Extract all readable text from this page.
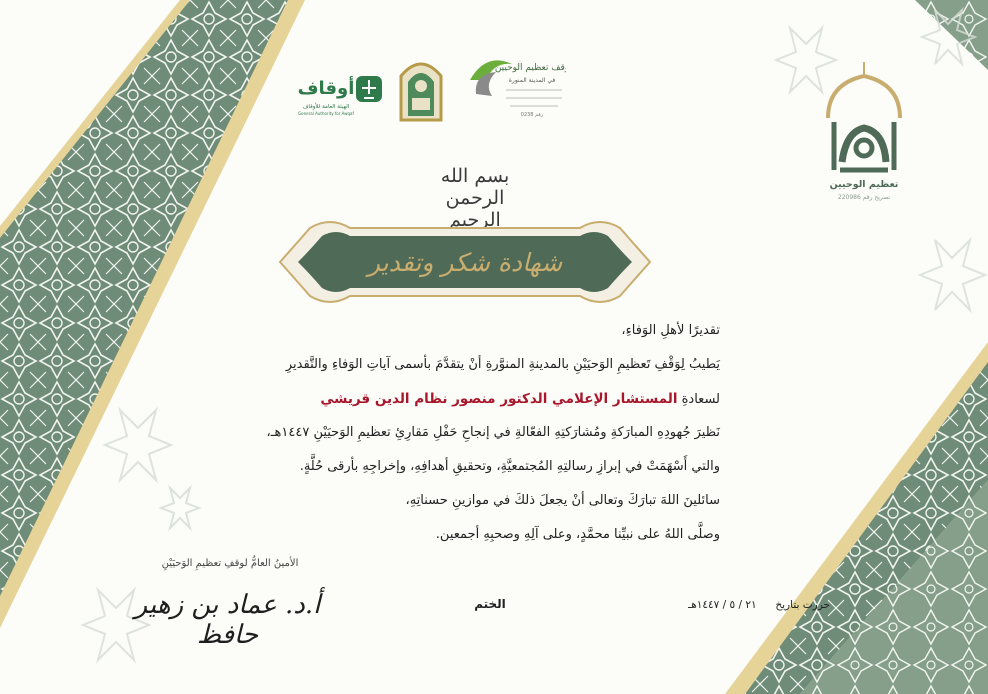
أوقاف
الهيئة العامة للأوقاف
General Authority for Awqaf
وقف تعظيم الوحيين
في المدينة المنورة
رقم 0238
تعظيم الوحيين
تصريح رقم 220986
مقرأة
بسم الله الرحمن الرحيم
شهادة شكر وتقدير
تقديرًا لأهلِ الوَفاءِ،
يَطيبُ لِوَقْفِ تَعظيمِ الوَحيَيْنِ بالمدينةِ المنوَّرةِ أنْ يتقدَّمَ بأسمى آياتِ الوَفاءِ والتَّقديرِ
لسعادةِ المستشار الإعلامي الدكتور منصور نظام الدين قريشي
نَظيرَ جُهودِهِ المبارَكةِ ومُشارَكتِهِ الفعّالةِ في إنجاحِ حَفْلِ مَقارِئِ تعظيمِ الوَحيَيْنِ ١٤٤٧هـ،
والتي أَسْهَمَتْ في إبرازِ رسالتِهِ المُجتمعيَّةِ، وتحقيقِ أهدافِهِ، وإخراجِهِ بأرقى حُلَّةٍ.
سائلينَ اللهَ تبارَكَ وتعالى أنْ يجعلَ ذلكَ في موازينِ حسناتِهِ،
وصلَّى اللهُ على نبيِّنا محمَّدٍ، وعلى آلِهِ وصحبِهِ أجمعين.
الأمينُ العامُّ لوقفِ تعظيمِ الوَحيَيْنِ
أ.د. عماد بن زهير حافظ
الختم	حررت بتاريخ  ٢١ / ٥ / ١٤٤٧هـ
